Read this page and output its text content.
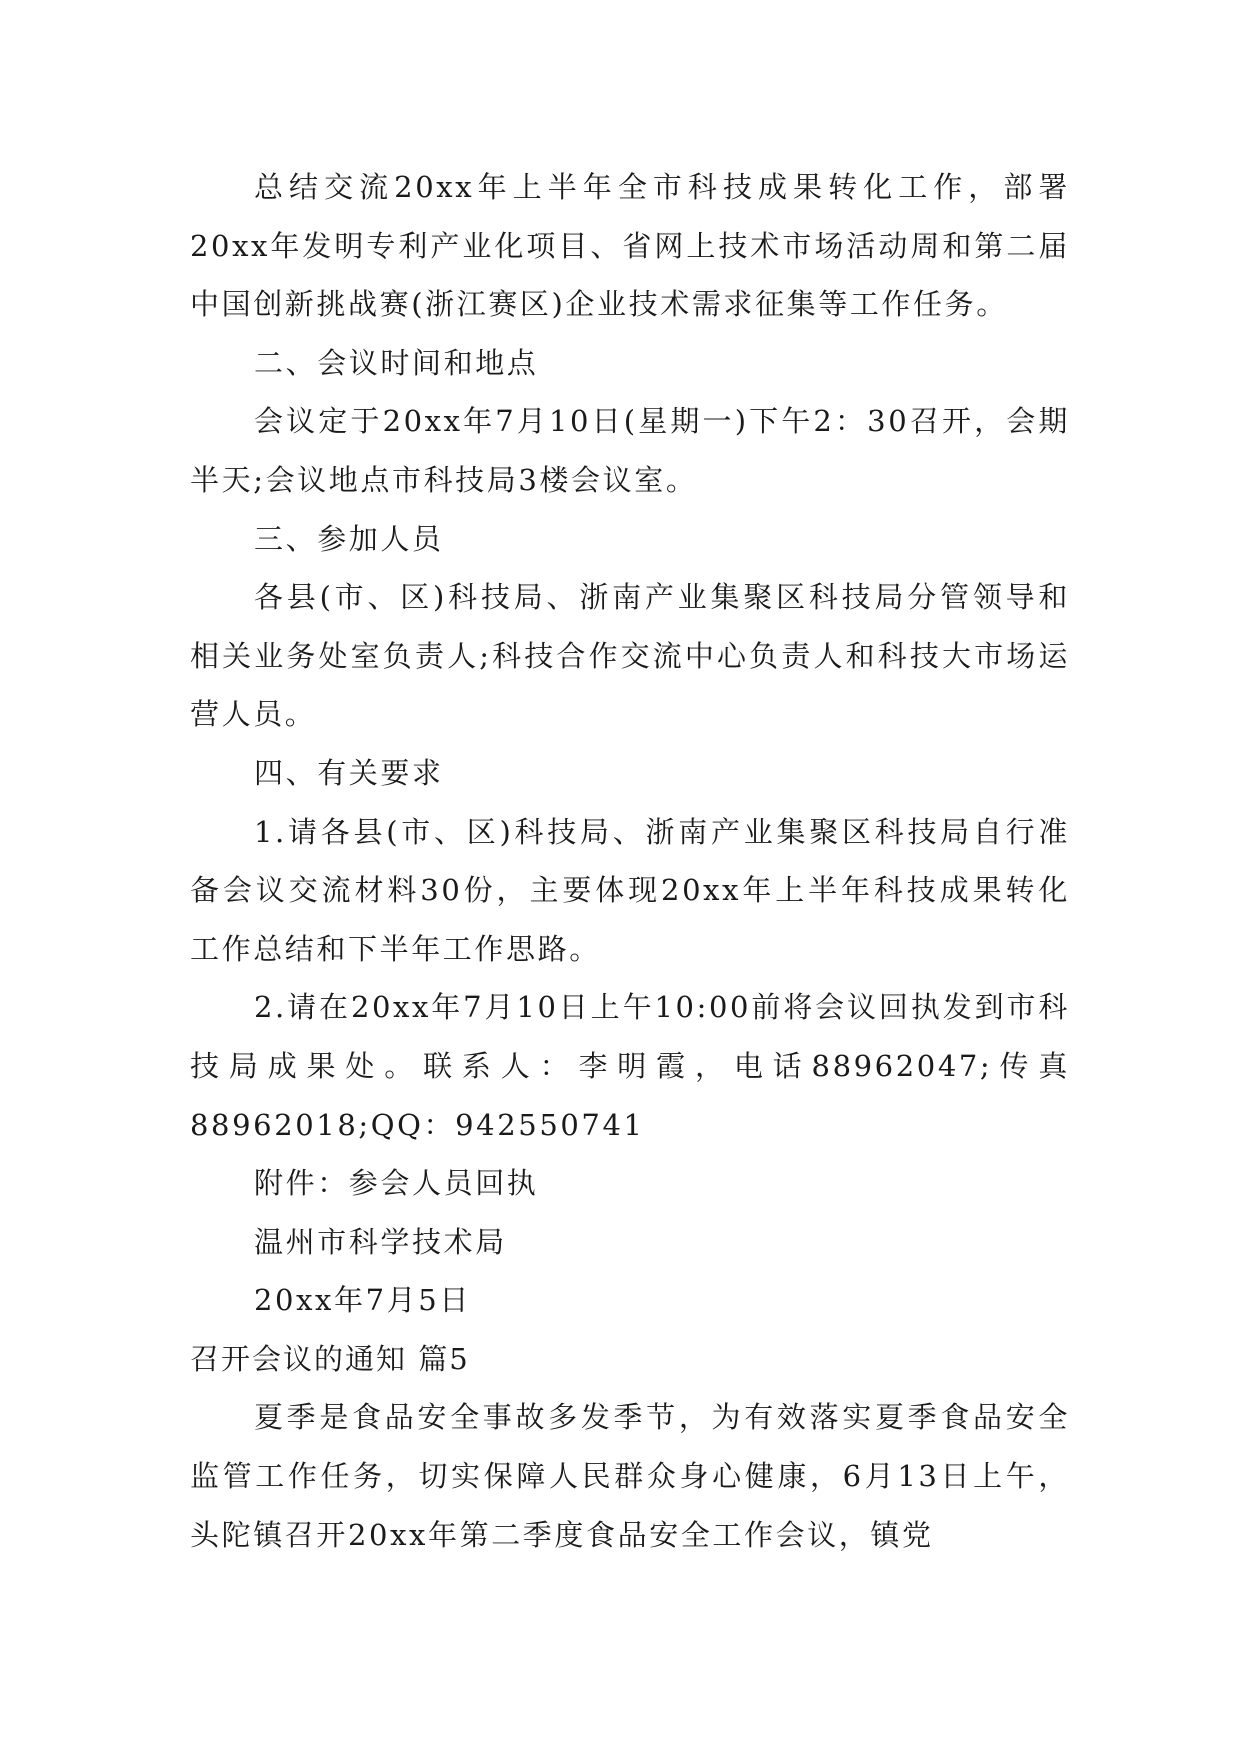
总结交流20xx年上半年全市科技成果转化工作，部署20xx年发明专利产业化项目、省网上技术市场活动周和第二届中国创新挑战赛(浙江赛区)企业技术需求征集等工作任务。

二、会议时间和地点

会议定于20xx年7月10日(星期一)下午2：30召开，会期半天;会议地点市科技局3楼会议室。

三、参加人员

各县(市、区)科技局、浙南产业集聚区科技局分管领导和相关业务处室负责人;科技合作交流中心负责人和科技大市场运营人员。

四、有关要求

1.请各县(市、区)科技局、浙南产业集聚区科技局自行准备会议交流材料30份，主要体现20xx年上半年科技成果转化工作总结和下半年工作思路。

2.请在20xx年7月10日上午10:00前将会议回执发到市科技局成果处。联系人：李明霞，电话88962047;传真88962018;QQ：942550741

附件：参会人员回执

温州市科学技术局

20xx年7月5日

召开会议的通知 篇5

夏季是食品安全事故多发季节，为有效落实夏季食品安全监管工作任务，切实保障人民群众身心健康，6月13日上午，头陀镇召开20xx年第二季度食品安全工作会议，镇党
